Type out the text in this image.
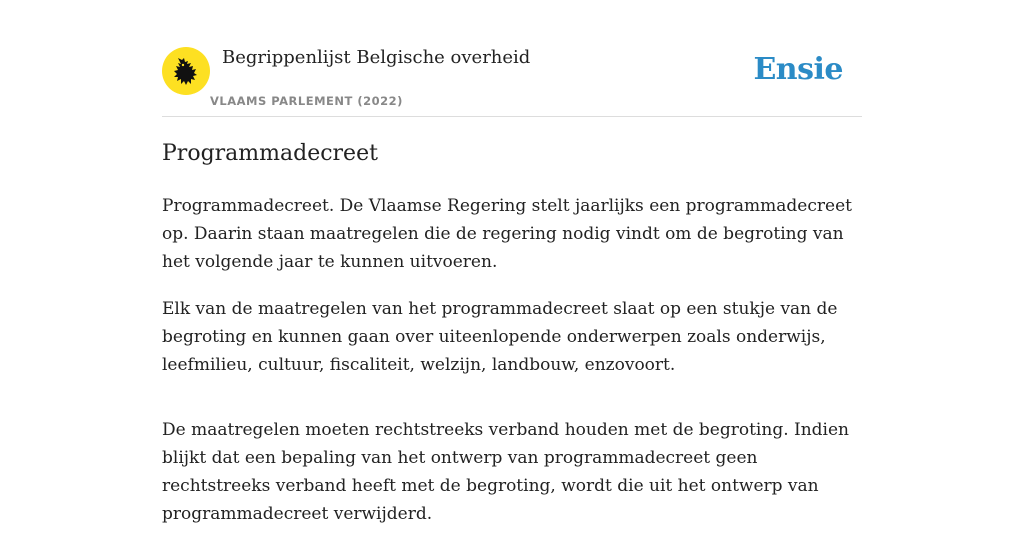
Begrippenlijst Belgische overheid
VLAAMS PARLEMENT (2022)
Ensie
Programmadecreet

Programmadecreet. De Vlaamse Regering stelt jaarlijks een programmadecreet op. Daarin staan maatregelen die de regering nodig vindt om de begroting van het volgende jaar te kunnen uitvoeren.

Elk van de maatregelen van het programmadecreet slaat op een stukje van de begroting en kunnen gaan over uiteenlopende onderwerpen zoals onderwijs, leefmilieu, cultuur, fiscaliteit, welzijn, landbouw, enzovoort.

De maatregelen moeten rechtstreeks verband houden met de begroting. Indien blijkt dat een bepaling van het ontwerp van programmadecreet geen rechtstreeks verband heeft met de begroting, wordt die uit het ontwerp van programmadecreet verwijderd.
